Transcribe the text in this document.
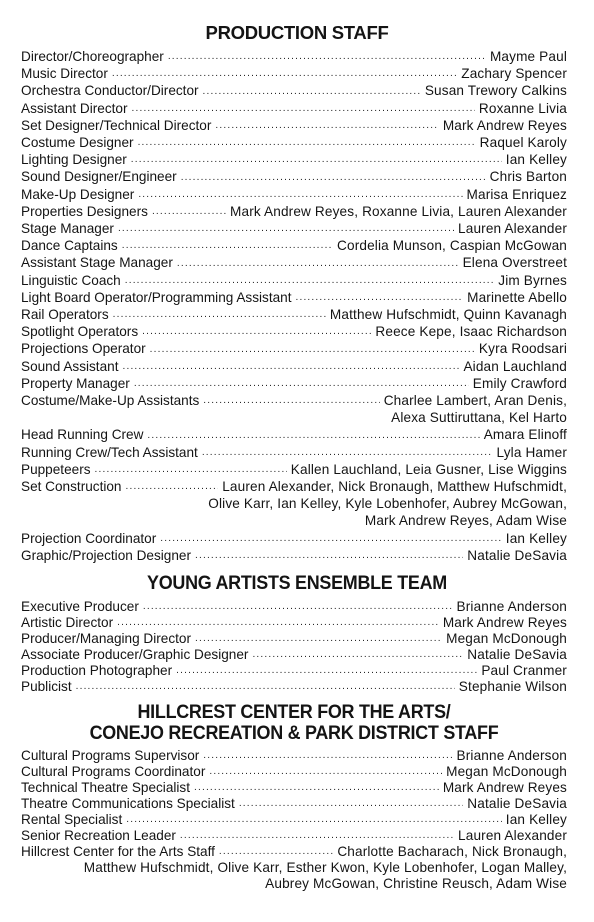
PRODUCTION STAFF
Director/Choreographer .....	Mayme Paul
Music Director .....	Zachary Spencer
Orchestra Conductor/Director .....	Susan Trewory Calkins
Assistant Director .....	Roxanne Livia
Set Designer/Technical Director .....	Mark Andrew Reyes
Costume Designer .....	Raquel Karoly
Lighting Designer .....	Ian Kelley
Sound Designer/Engineer .....	Chris Barton
Make-Up Designer .....	Marisa Enriquez
Properties Designers .....	Mark Andrew Reyes, Roxanne Livia, Lauren Alexander
Stage Manager .....	Lauren Alexander
Dance Captains .....	Cordelia Munson, Caspian McGowan
Assistant Stage Manager .....	Elena Overstreet
Linguistic Coach .....	Jim Byrnes
Light Board Operator/Programming Assistant .....	Marinette Abello
Rail Operators .....	Matthew Hufschmidt, Quinn Kavanagh
Spotlight Operators .....	Reece Kepe, Isaac Richardson
Projections Operator .....	Kyra Roodsari
Sound Assistant .....	Aidan Lauchland
Property Manager .....	Emily Crawford
Costume/Make-Up Assistants .....	Charlee Lambert, Aran Denis,
Alexa Suttiruttana, Kel Harto
Head Running Crew .....	Amara Elinoff
Running Crew/Tech Assistant .....	Lyla Hamer
Puppeteers .....	Kallen Lauchland, Leia Gusner, Lise Wiggins
Set Construction .....	Lauren Alexander, Nick Bronaugh, Matthew Hufschmidt,
Olive Karr, Ian Kelley, Kyle Lobenhofer, Aubrey McGowan,
Mark Andrew Reyes, Adam Wise
Projection Coordinator .....	Ian Kelley
Graphic/Projection Designer .....	Natalie DeSavia
YOUNG ARTISTS ENSEMBLE TEAM
Executive Producer .....	Brianne Anderson
Artistic Director .....	Mark Andrew Reyes
Producer/Managing Director .....	Megan McDonough
Associate Producer/Graphic Designer .....	Natalie DeSavia
Production Photographer .....	Paul Cranmer
Publicist .....	Stephanie Wilson
HILLCREST CENTER FOR THE ARTS/
CONEJO RECREATION & PARK DISTRICT STAFF
Cultural Programs Supervisor .....	Brianne Anderson
Cultural Programs Coordinator .....	Megan McDonough
Technical Theatre Specialist .....	Mark Andrew Reyes
Theatre Communications Specialist .....	Natalie DeSavia
Rental Specialist .....	Ian Kelley
Senior Recreation Leader .....	Lauren Alexander
Hillcrest Center for the Arts Staff .....	Charlotte Bacharach, Nick Bronaugh,
Matthew Hufschmidt, Olive Karr, Esther Kwon, Kyle Lobenhofer, Logan Malley,
Aubrey McGowan, Christine Reusch, Adam Wise
